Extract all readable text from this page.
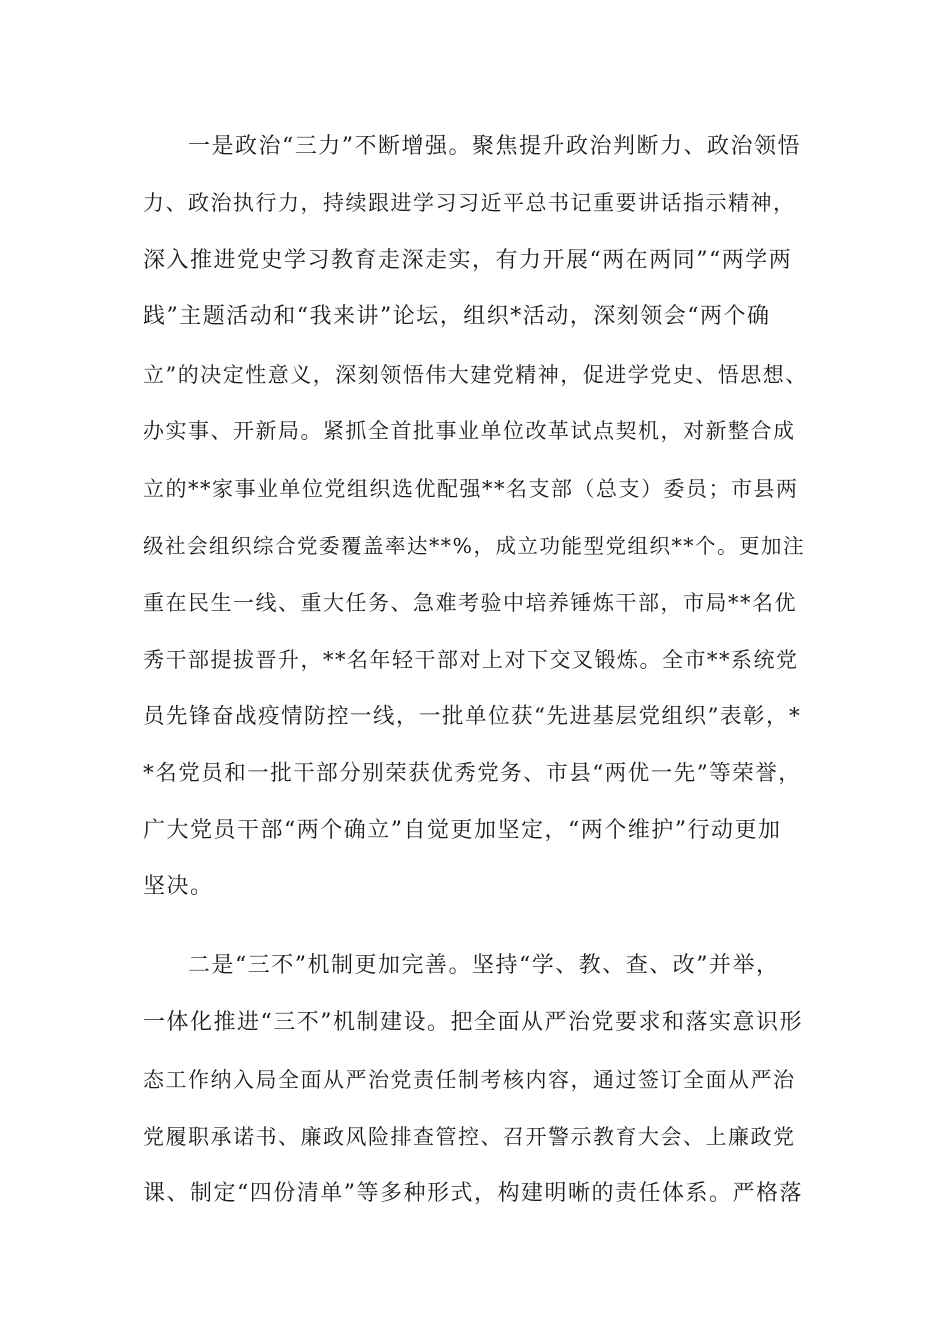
一是政治“三力”不断增强。聚焦提升政治判断力、政治领悟
力、政治执行力，持续跟进学习习近平总书记重要讲话指示精神，
深入推进党史学习教育走深走实，有力开展“两在两同”“两学两
践”主题活动和“我来讲”论坛，组织*活动，深刻领会“两个确
立”的决定性意义，深刻领悟伟大建党精神，促进学党史、悟思想、
办实事、开新局。紧抓全首批事业单位改革试点契机，对新整合成
立的**家事业单位党组织选优配强**名支部（总支）委员；市县两
级社会组织综合党委覆盖率达**%，成立功能型党组织**个。更加注
重在民生一线、重大任务、急难考验中培养锤炼干部，市局**名优
秀干部提拔晋升，**名年轻干部对上对下交叉锻炼。全市**系统党
员先锋奋战疫情防控一线，一批单位获“先进基层党组织”表彰，*
*名党员和一批干部分别荣获优秀党务、市县“两优一先”等荣誉，
广大党员干部“两个确立”自觉更加坚定，“两个维护”行动更加
坚决。
二是“三不”机制更加完善。坚持“学、教、查、改”并举，
一体化推进“三不”机制建设。把全面从严治党要求和落实意识形
态工作纳入局全面从严治党责任制考核内容，通过签订全面从严治
党履职承诺书、廉政风险排查管控、召开警示教育大会、上廉政党
课、制定“四份清单”等多种形式，构建明晰的责任体系。严格落
